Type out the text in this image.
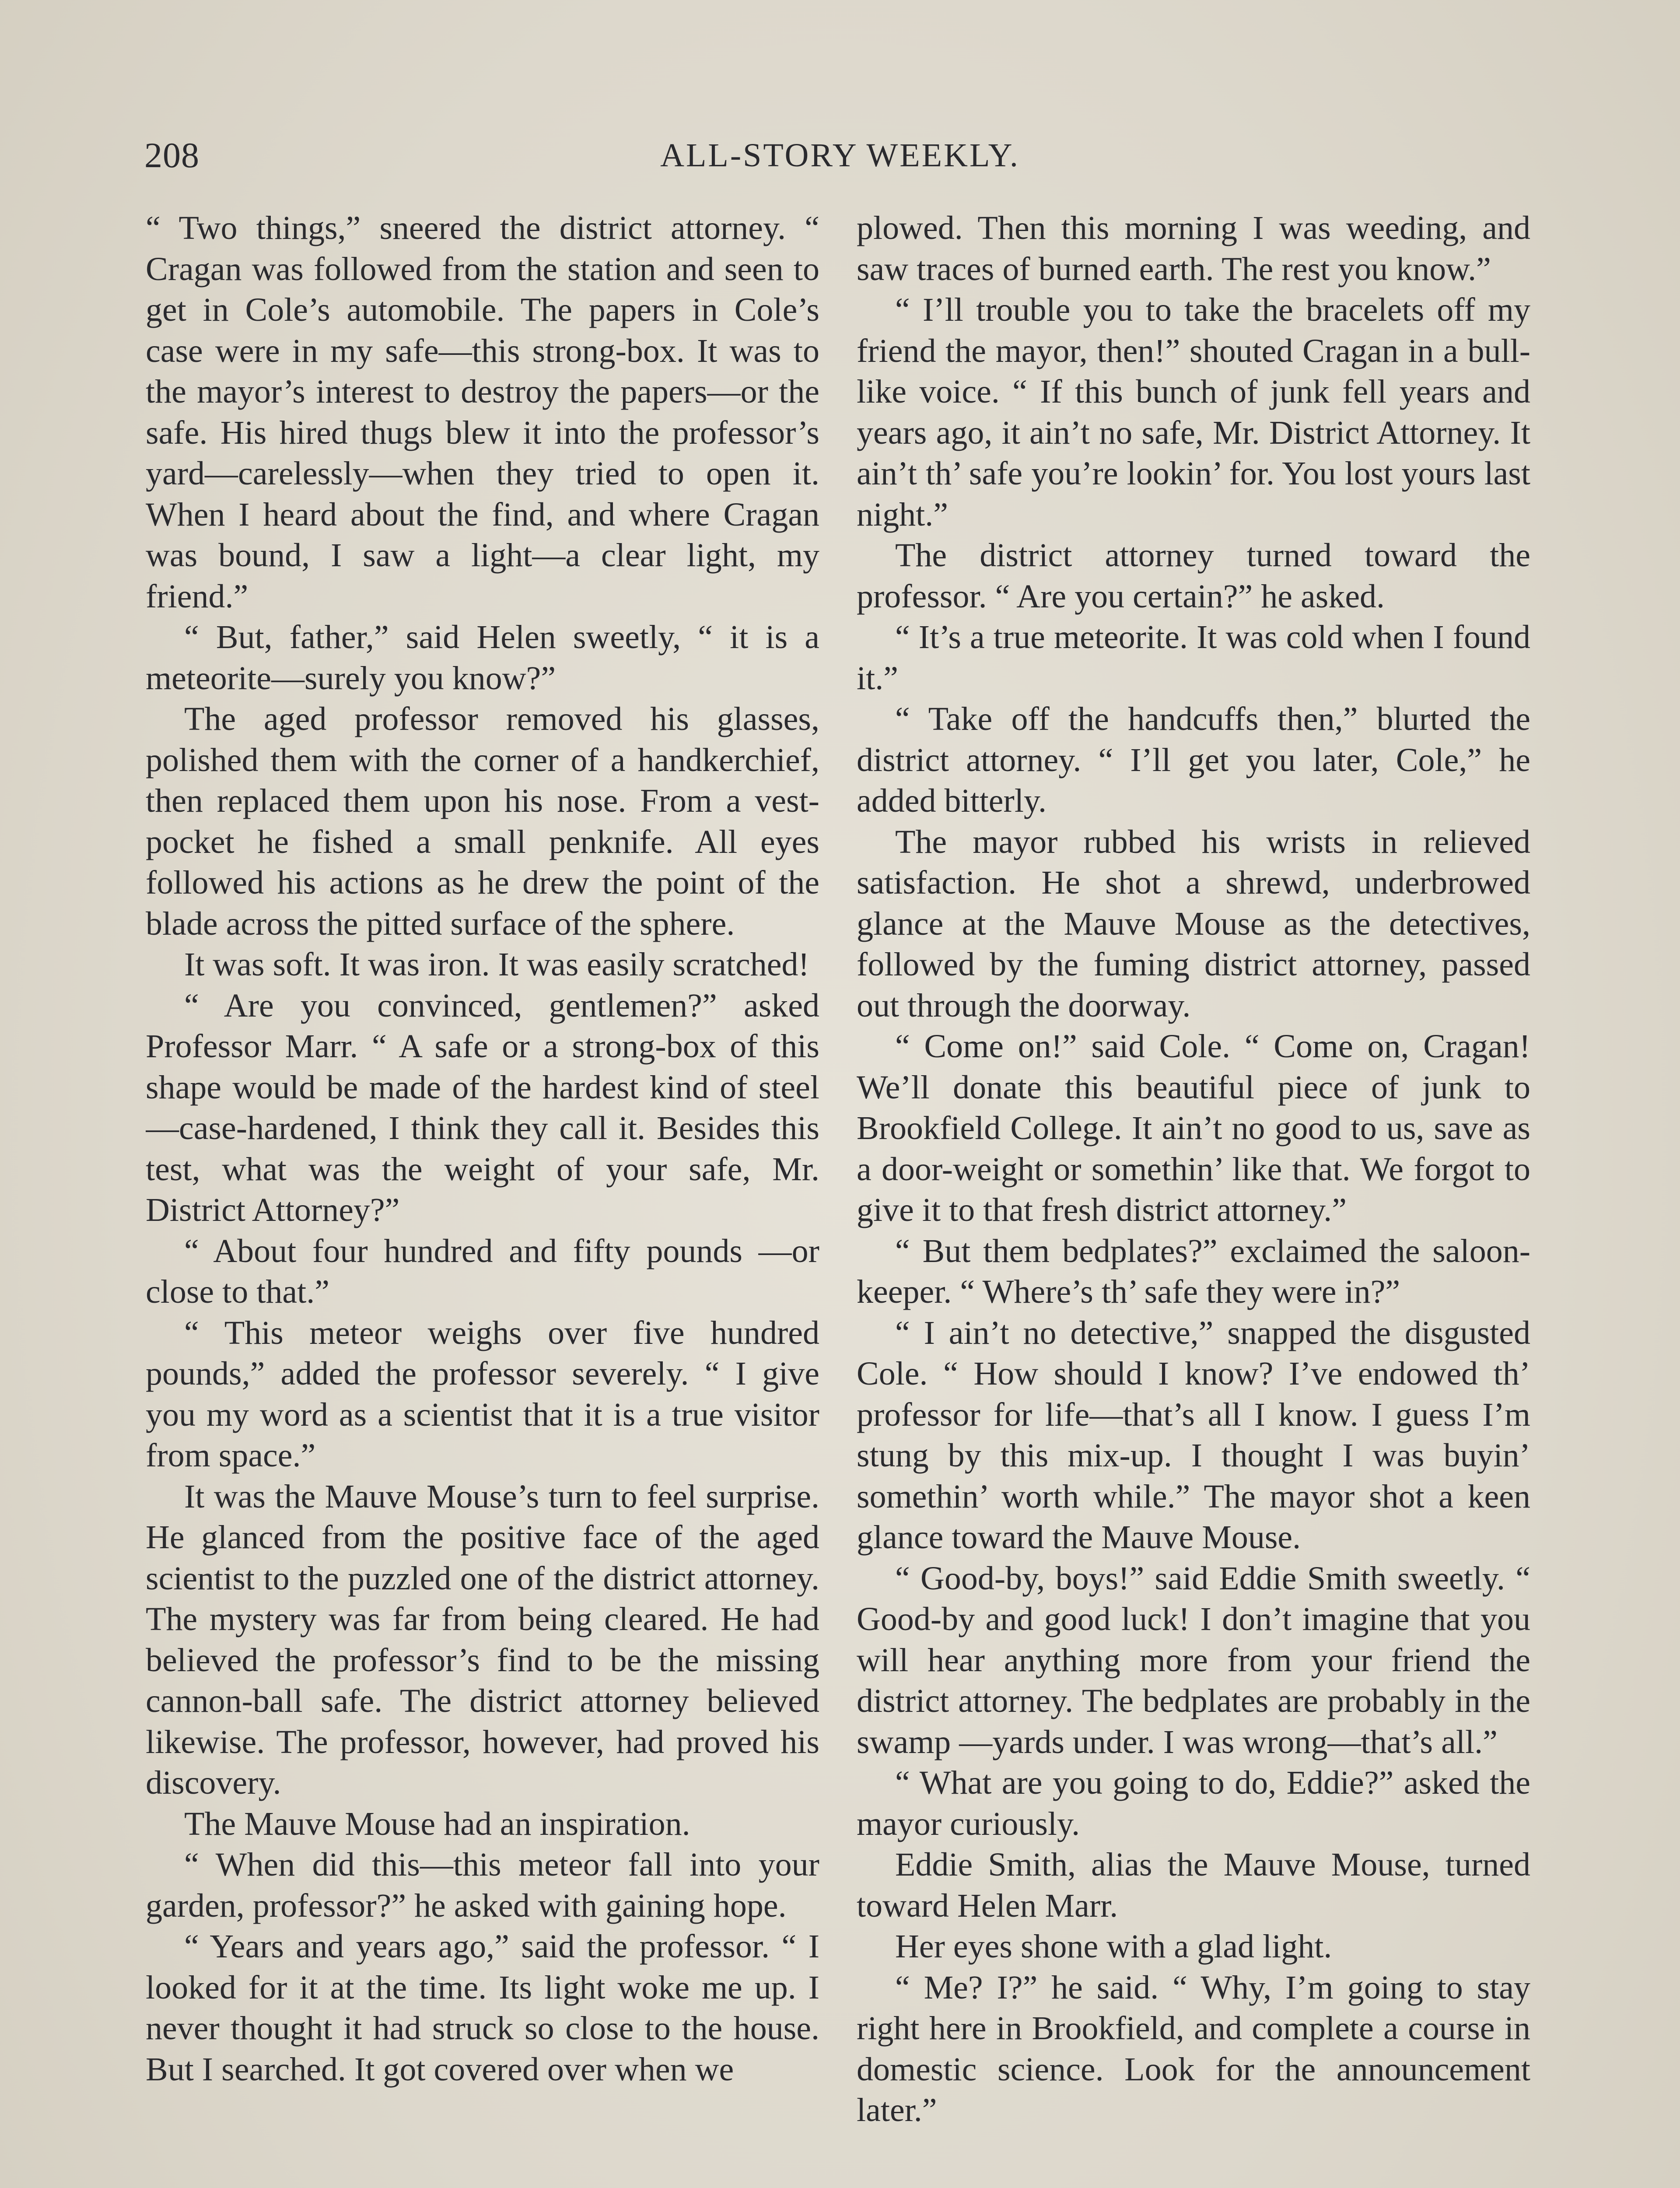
208	ALL-STORY WEEKLY.

“ Two things,” sneered the district attorney. “ Cragan was followed from the station and seen to get in Cole’s automobile. The papers in Cole’s case were in my safe—this strong-box. It was to the mayor’s interest to destroy the papers—or the safe. His hired thugs blew it into the professor’s yard—carelessly—when they tried to open it. When I heard about the find, and where Cragan was bound, I saw a light—a clear light, my friend.”

“ But, father,” said Helen sweetly, “ it is a meteorite—surely you know?”

The aged professor removed his glasses, polished them with the corner of a handkerchief, then replaced them upon his nose. From a vest-pocket he fished a small penknife. All eyes followed his actions as he drew the point of the blade across the pitted surface of the sphere.

It was soft. It was iron. It was easily scratched!

“ Are you convinced, gentlemen?” asked Professor Marr. “ A safe or a strong-box of this shape would be made of the hardest kind of steel—case-hardened, I think they call it. Besides this test, what was the weight of your safe, Mr. District Attorney?”

“ About four hundred and fifty pounds —or close to that.”

“ This meteor weighs over five hundred pounds,” added the professor severely. “ I give you my word as a scientist that it is a true visitor from space.”

It was the Mauve Mouse’s turn to feel surprise. He glanced from the positive face of the aged scientist to the puzzled one of the district attorney. The mystery was far from being cleared. He had believed the professor’s find to be the missing cannon-ball safe. The district attorney believed likewise. The professor, however, had proved his discovery.

The Mauve Mouse had an inspiration.

“ When did this—this meteor fall into your garden, professor?” he asked with gaining hope.

“ Years and years ago,” said the professor. “ I looked for it at the time. Its light woke me up. I never thought it had struck so close to the house. But I searched. It got covered over when we

plowed. Then this morning I was weeding, and saw traces of burned earth. The rest you know.”

“ I’ll trouble you to take the bracelets off my friend the mayor, then!” shouted Cragan in a bull-like voice. “ If this bunch of junk fell years and years ago, it ain’t no safe, Mr. District Attorney. It ain’t th’ safe you’re lookin’ for. You lost yours last night.”

The district attorney turned toward the professor. “ Are you certain?” he asked.

“ It’s a true meteorite. It was cold when I found it.”

“ Take off the handcuffs then,” blurted the district attorney. “ I’ll get you later, Cole,” he added bitterly.

The mayor rubbed his wrists in relieved satisfaction. He shot a shrewd, underbrowed glance at the Mauve Mouse as the detectives, followed by the fuming district attorney, passed out through the doorway.

“ Come on!” said Cole. “ Come on, Cragan! We’ll donate this beautiful piece of junk to Brookfield College. It ain’t no good to us, save as a door-weight or somethin’ like that. We forgot to give it to that fresh district attorney.”

“ But them bedplates?” exclaimed the saloon-keeper. “ Where’s th’ safe they were in?”

“ I ain’t no detective,” snapped the disgusted Cole. “ How should I know? I’ve endowed th’ professor for life—that’s all I know. I guess I’m stung by this mix-up. I thought I was buyin’ somethin’ worth while.” The mayor shot a keen glance toward the Mauve Mouse.

“ Good-by, boys!” said Eddie Smith sweetly. “ Good-by and good luck! I don’t imagine that you will hear anything more from your friend the district attorney. The bedplates are probably in the swamp —yards under. I was wrong—that’s all.”

“ What are you going to do, Eddie?” asked the mayor curiously.

Eddie Smith, alias the Mauve Mouse, turned toward Helen Marr.

Her eyes shone with a glad light.

“ Me? I?” he said. “ Why, I’m going to stay right here in Brookfield, and complete a course in domestic science. Look for the announcement later.”
